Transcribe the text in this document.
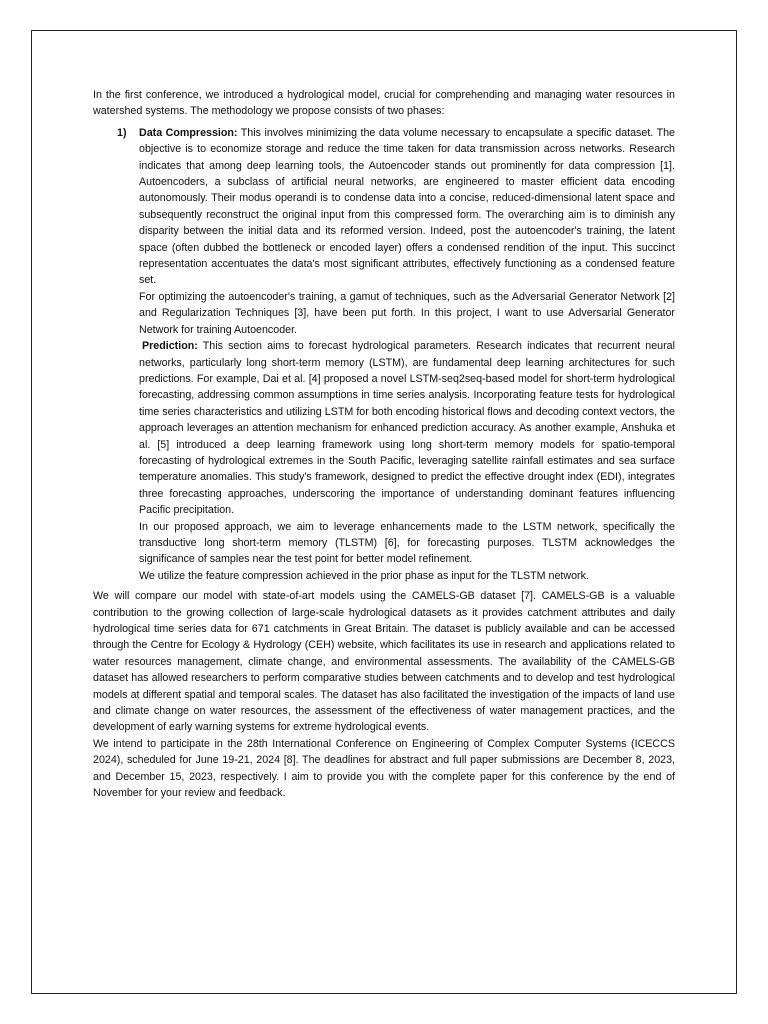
In the first conference, we introduced a hydrological model, crucial for comprehending and managing water resources in watershed systems. The methodology we propose consists of two phases:

1) Data Compression: This involves minimizing the data volume necessary to encapsulate a specific dataset. The objective is to economize storage and reduce the time taken for data transmission across networks. Research indicates that among deep learning tools, the Autoencoder stands out prominently for data compression [1]. Autoencoders, a subclass of artificial neural networks, are engineered to master efficient data encoding autonomously. Their modus operandi is to condense data into a concise, reduced-dimensional latent space and subsequently reconstruct the original input from this compressed form. The overarching aim is to diminish any disparity between the initial data and its reformed version. Indeed, post the autoencoder's training, the latent space (often dubbed the bottleneck or encoded layer) offers a condensed rendition of the input. This succinct representation accentuates the data's most significant attributes, effectively functioning as a condensed feature set.

For optimizing the autoencoder's training, a gamut of techniques, such as the Adversarial Generator Network [2] and Regularization Techniques [3], have been put forth. In this project, I want to use Adversarial Generator Network for training Autoencoder.

Prediction: This section aims to forecast hydrological parameters. Research indicates that recurrent neural networks, particularly long short-term memory (LSTM), are fundamental deep learning architectures for such predictions. For example, Dai et al. [4] proposed a novel LSTM-seq2seq-based model for short-term hydrological forecasting, addressing common assumptions in time series analysis. Incorporating feature tests for hydrological time series characteristics and utilizing LSTM for both encoding historical flows and decoding context vectors, the approach leverages an attention mechanism for enhanced prediction accuracy. As another example, Anshuka et al. [5] introduced a deep learning framework using long short-term memory models for spatio-temporal forecasting of hydrological extremes in the South Pacific, leveraging satellite rainfall estimates and sea surface temperature anomalies. This study's framework, designed to predict the effective drought index (EDI), integrates three forecasting approaches, underscoring the importance of understanding dominant features influencing Pacific precipitation.

In our proposed approach, we aim to leverage enhancements made to the LSTM network, specifically the transductive long short-term memory (TLSTM) [6], for forecasting purposes. TLSTM acknowledges the significance of samples near the test point for better model refinement.

We utilize the feature compression achieved in the prior phase as input for the TLSTM network.

We will compare our model with state-of-art models using the CAMELS-GB dataset [7]. CAMELS-GB is a valuable contribution to the growing collection of large-scale hydrological datasets as it provides catchment attributes and daily hydrological time series data for 671 catchments in Great Britain. The dataset is publicly available and can be accessed through the Centre for Ecology & Hydrology (CEH) website, which facilitates its use in research and applications related to water resources management, climate change, and environmental assessments. The availability of the CAMELS-GB dataset has allowed researchers to perform comparative studies between catchments and to develop and test hydrological models at different spatial and temporal scales. The dataset has also facilitated the investigation of the impacts of land use and climate change on water resources, the assessment of the effectiveness of water management practices, and the development of early warning systems for extreme hydrological events.

We intend to participate in the 28th International Conference on Engineering of Complex Computer Systems (ICECCS 2024), scheduled for June 19-21, 2024 [8]. The deadlines for abstract and full paper submissions are December 8, 2023, and December 15, 2023, respectively. I aim to provide you with the complete paper for this conference by the end of November for your review and feedback.
